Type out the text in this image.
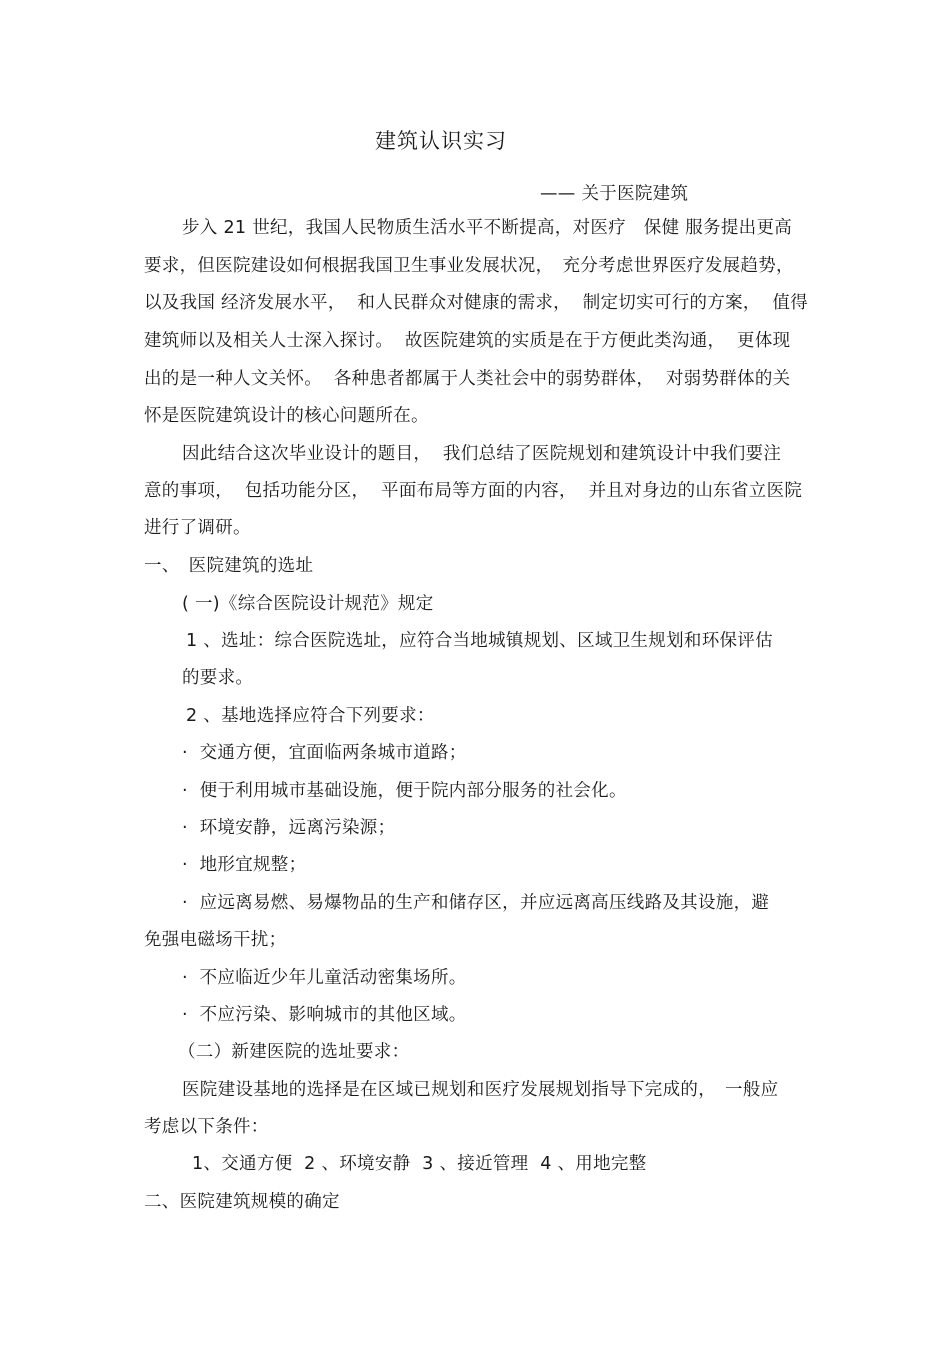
建筑认识实习

—— 关于医院建筑

步入 21 世纪，我国人民物质生活水平不断提高，对医疗　保健 服务提出更高

要求，但医院建设如何根据我国卫生事业发展状况，　充分考虑世界医疗发展趋势，

以及我国 经济发展水平，  和人民群众对健康的需求，  制定切实可行的方案，  值得

建筑师以及相关人士深入探讨。  故医院建筑的实质是在于方便此类沟通，  更体现

出的是一种人文关怀。  各种患者都属于人类社会中的弱势群体，  对弱势群体的关

怀是医院建筑设计的核心问题所在。

因此结合这次毕业设计的题目，  我们总结了医院规划和建筑设计中我们要注

意的事项，  包括功能分区，  平面布局等方面的内容，  并且对身边的山东省立医院

进行了调研。

一、　医院建筑的选址

( 一)《综合医院设计规范》规定

1 、选址：综合医院选址，应符合当地城镇规划、区域卫生规划和环保评估

的要求。

2 、基地选择应符合下列要求：

·  交通方便，宜面临两条城市道路；

·  便于利用城市基础设施，便于院内部分服务的社会化。

·  环境安静，远离污染源；

·  地形宜规整；

·  应远离易燃、易爆物品的生产和储存区，并应远离高压线路及其设施，避

免强电磁场干扰；

·  不应临近少年儿童活动密集场所。

·  不应污染、影响城市的其他区域。

（二）新建医院的选址要求：

医院建设基地的选择是在区域已规划和医疗发展规划指导下完成的，　一般应

考虑以下条件：

1、交通方便  2 、环境安静  3 、接近管理  4 、用地完整

二、医院建筑规模的确定
